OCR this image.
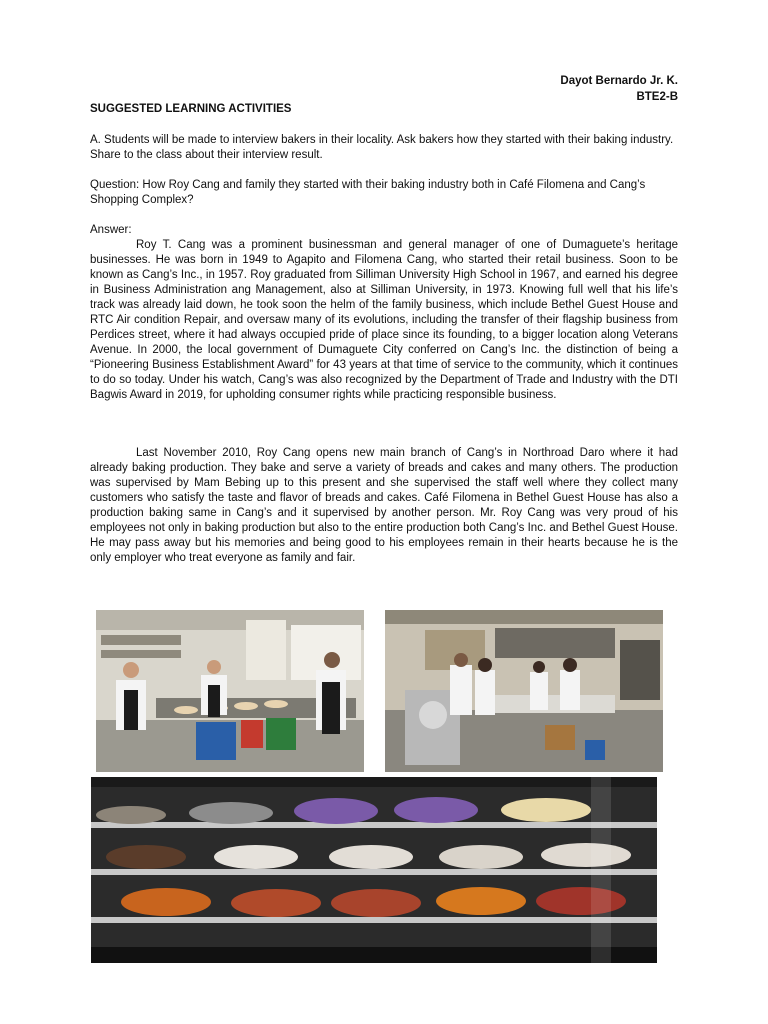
Dayot Bernardo Jr. K.
BTE2-B
SUGGESTED LEARNING ACTIVITIES

A. Students will be made to interview bakers in their locality. Ask bakers how they started with their baking industry. Share to the class about their interview result.

Question: How Roy Cang and family they started with their baking industry both in Café Filomena and Cang’s Shopping Complex?

Answer:

Roy T. Cang was a prominent businessman and general manager of one of Dumaguete’s heritage businesses. He was born in 1949 to Agapito and Filomena Cang, who started their retail business. Soon to be known as Cang’s Inc., in 1957. Roy graduated from Silliman University High School in 1967, and earned his degree in Business Administration ang Management, also at Silliman University, in 1973. Knowing full well that his life’s track was already laid down, he took soon the helm of the family business, which include Bethel Guest House and RTC Air condition Repair, and oversaw many of its evolutions, including the transfer of their flagship business from Perdices street, where it had always occupied pride of place since its founding, to a bigger location along Veterans Avenue. In 2000, the local government of Dumaguete City conferred on Cang’s Inc. the distinction of being a “Pioneering Business Establishment Award” for 43 years at that time of service to the community, which it continues to do so today. Under his watch, Cang’s was also recognized by the Department of Trade and Industry with the DTI Bagwis Award in 2019, for upholding consumer rights while practicing responsible business.

Last November 2010, Roy Cang opens new main branch of Cang’s in Northroad Daro where it had already baking production. They bake and serve a variety of breads and cakes and many others. The production was supervised by Mam Bebing up to this present and she supervised the staff well where they collect many customers who satisfy the taste and flavor of breads and cakes. Café Filomena in Bethel Guest House has also a production baking same in Cang’s and it supervised by another person. Mr. Roy Cang was very proud of his employees not only in baking production but also to the entire production both Cang’s Inc. and Bethel Guest House. He may pass away but his memories and being good to his employees remain in their hearts because he is the only employer who treat everyone as family and fair.
